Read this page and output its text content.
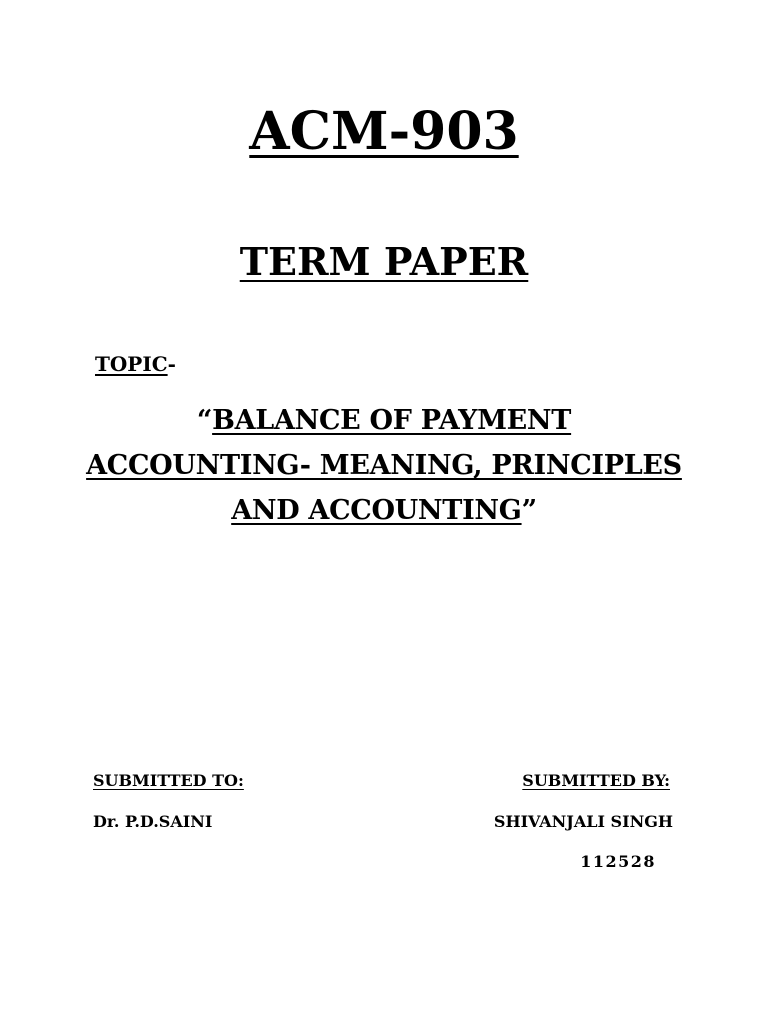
ACM-903
TERM PAPER
TOPIC-
“BALANCE OF PAYMENT
ACCOUNTING- MEANING, PRINCIPLES
AND ACCOUNTING”
SUBMITTED TO:	SUBMITTED BY:
Dr. P.D.SAINI	SHIVANJALI SINGH
112528
